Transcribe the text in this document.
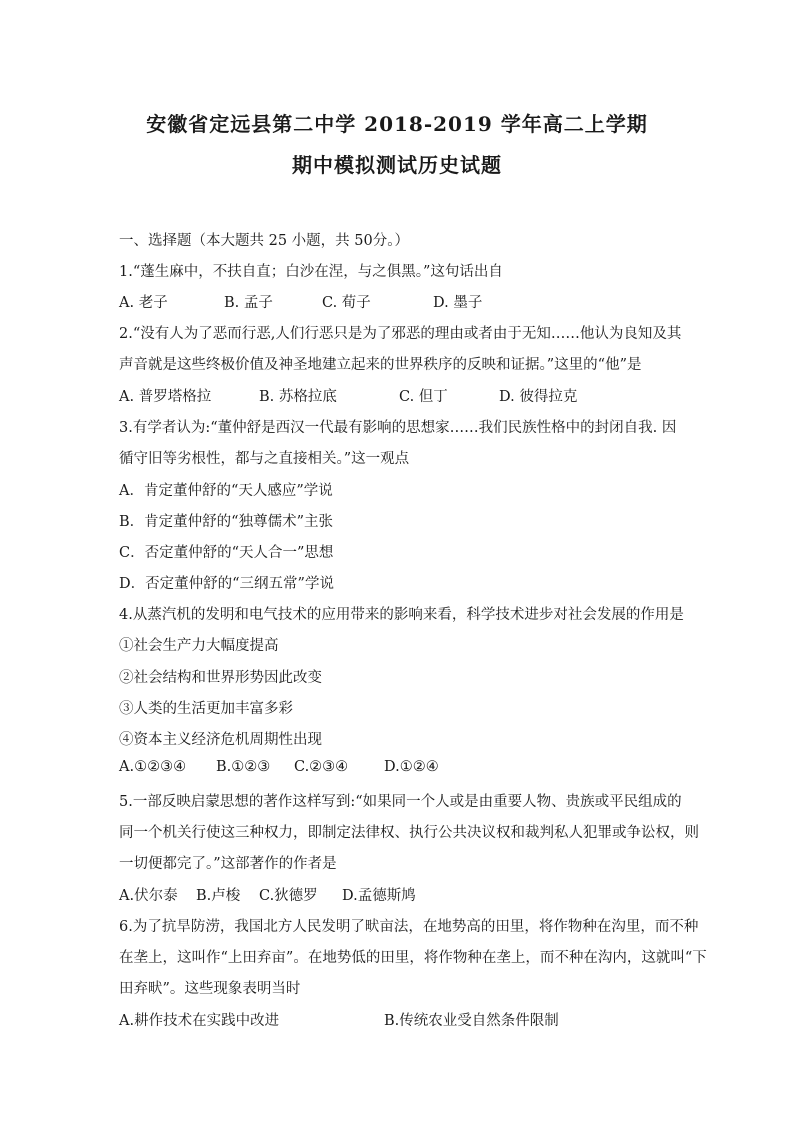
安徽省定远县第二中学 2018-2019 学年高二上学期
期中模拟测试历史试题
一、选择题（本大题共 25 小题，共 50分。）
1.“蓬生麻中，不扶自直；白沙在涅，与之俱黑。”这句话出自
A. 老子	B. 孟子	C. 荀子	D. 墨子
2.“没有人为了恶而行恶,人们行恶只是为了邪恶的理由或者由于无知……他认为良知及其
声音就是这些终极价值及神圣地建立起来的世界秩序的反映和证据。”这里的“他”是
A. 普罗塔格拉	B. 苏格拉底	C. 但丁	D. 彼得拉克
3.有学者认为:“董仲舒是西汉一代最有影响的思想家……我们民族性格中的封闭自我. 因
循守旧等劣根性，都与之直接相关。”这一观点
A．肯定董仲舒的“天人感应”学说
B．肯定董仲舒的“独尊儒术”主张
C．否定董仲舒的“天人合一”思想
D．否定董仲舒的“三纲五常”学说
4.从蒸汽机的发明和电气技术的应用带来的影响来看，科学技术进步对社会发展的作用是
①社会生产力大幅度提高
②社会结构和世界形势因此改变
③人类的生活更加丰富多彩
④资本主义经济危机周期性出现
A.①②③④ B.①②③ C.②③④ D.①②④
5.一部反映启蒙思想的著作这样写到:“如果同一个人或是由重要人物、贵族或平民组成的
同一个机关行使这三种权力，即制定法律权、执行公共决议权和裁判私人犯罪或争讼权，则
一切便都完了。”这部著作的作者是
A.伏尔泰 B.卢梭 C.狄德罗 D.孟德斯鸠
6.为了抗旱防涝，我国北方人民发明了畎亩法，在地势高的田里，将作物种在沟里，而不种
在垄上，这叫作“上田弃亩”。在地势低的田里，将作物种在垄上，而不种在沟内，这就叫“下
田弃畎”。这些现象表明当时
A.耕作技术在实践中改进	B.传统农业受自然条件限制
